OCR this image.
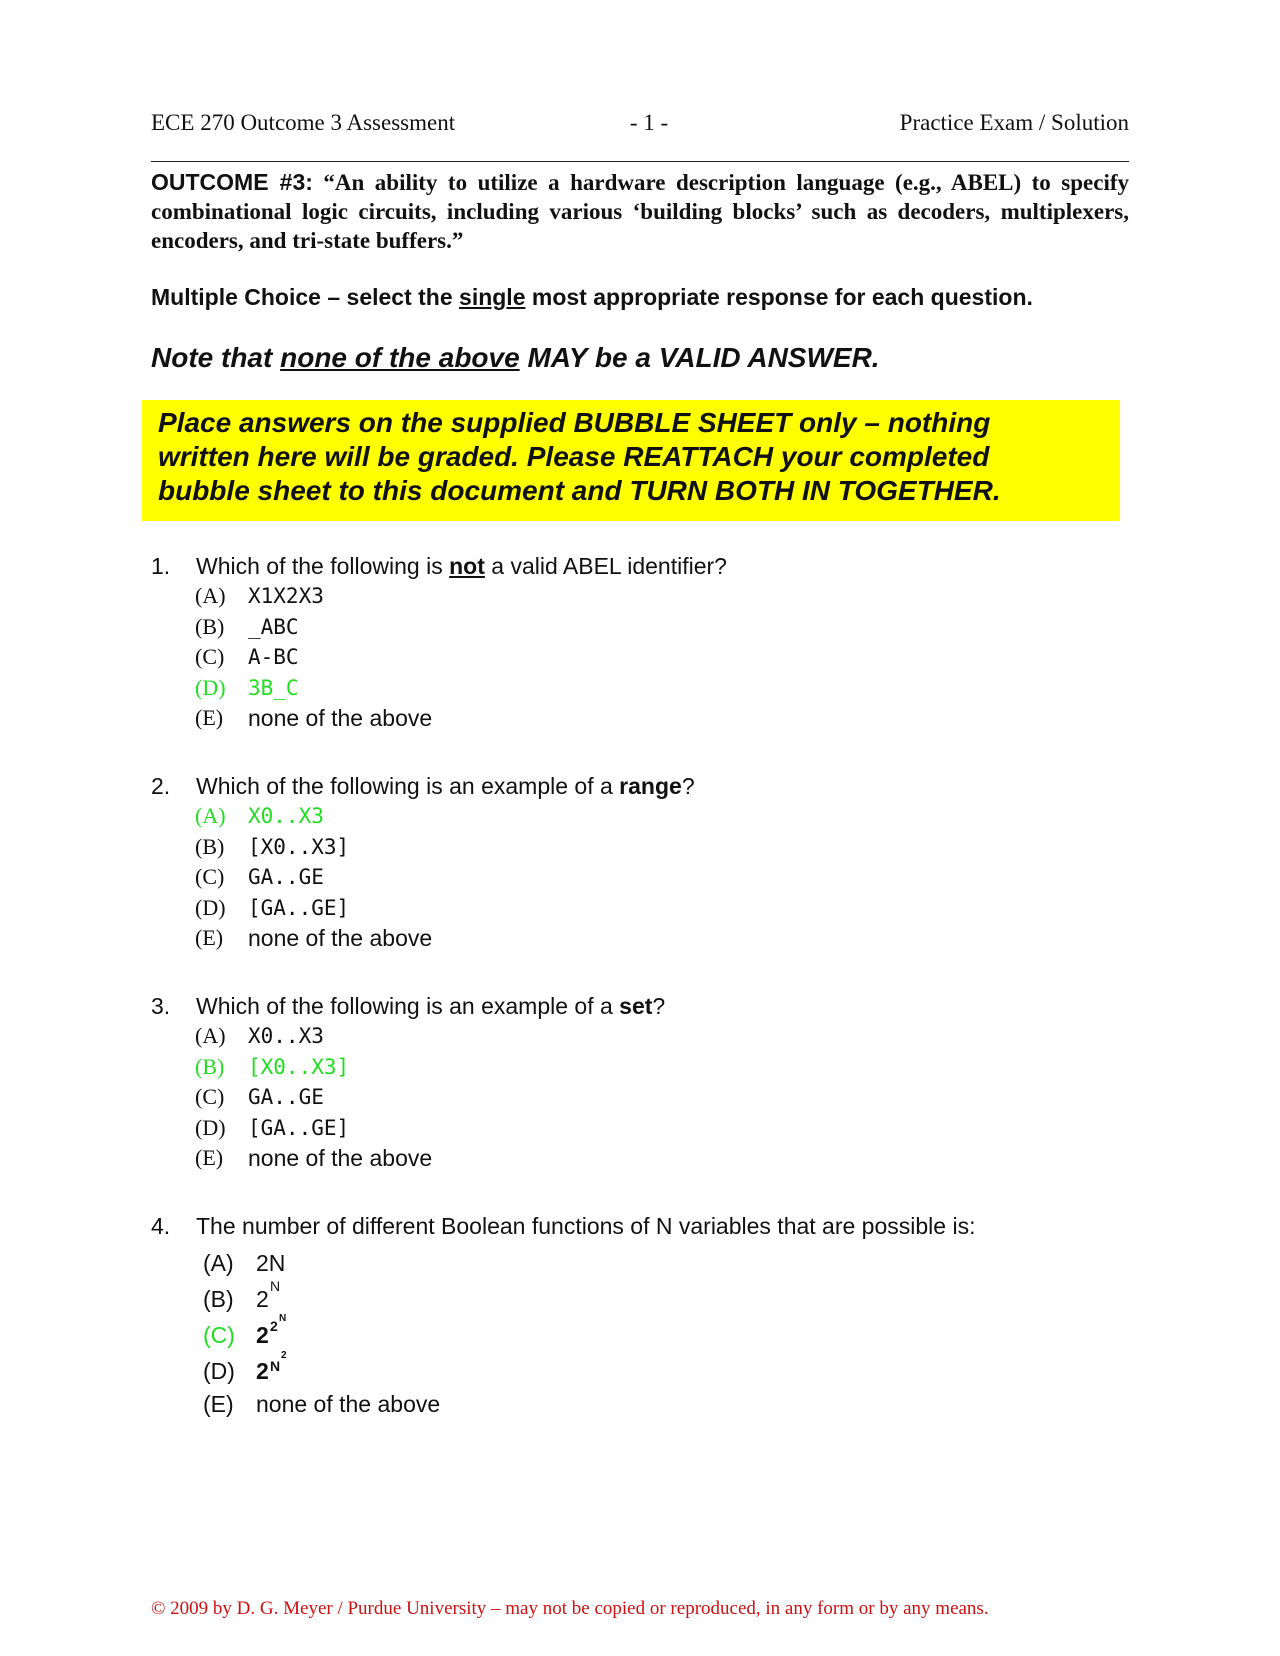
ECE 270 Outcome 3 Assessment	- 1 -	Practice Exam / Solution
OUTCOME #3: “An ability to utilize a hardware description language (e.g., ABEL) to specify combinational logic circuits, including various ‘building blocks’ such as decoders, multiplexers, encoders, and tri-state buffers.”
Multiple Choice – select the single most appropriate response for each question.
Note that none of the above MAY be a VALID ANSWER.
Place answers on the supplied BUBBLE SHEET only – nothing
written here will be graded. Please REATTACH your completed
bubble sheet to this document and TURN BOTH IN TOGETHER.
1. Which of the following is not a valid ABEL identifier?
(A) X1X2X3
(B) _ABC
(C) A-BC
(D) 3B_C
(E) none of the above
2. Which of the following is an example of a range?
(A) X0..X3
(B) [X0..X3]
(C) GA..GE
(D) [GA..GE]
(E) none of the above
3. Which of the following is an example of a set?
(A) X0..X3
(B) [X0..X3]
(C) GA..GE
(D) [GA..GE]
(E) none of the above
4. The number of different Boolean functions of N variables that are possible is:
(A) 2N
(B) 2 N
(C) 2 2 N
(D) 2 N
2
(E) none of the above
© 2009 by D. G. Meyer / Purdue University – may not be copied or reproduced, in any form or by any means.
